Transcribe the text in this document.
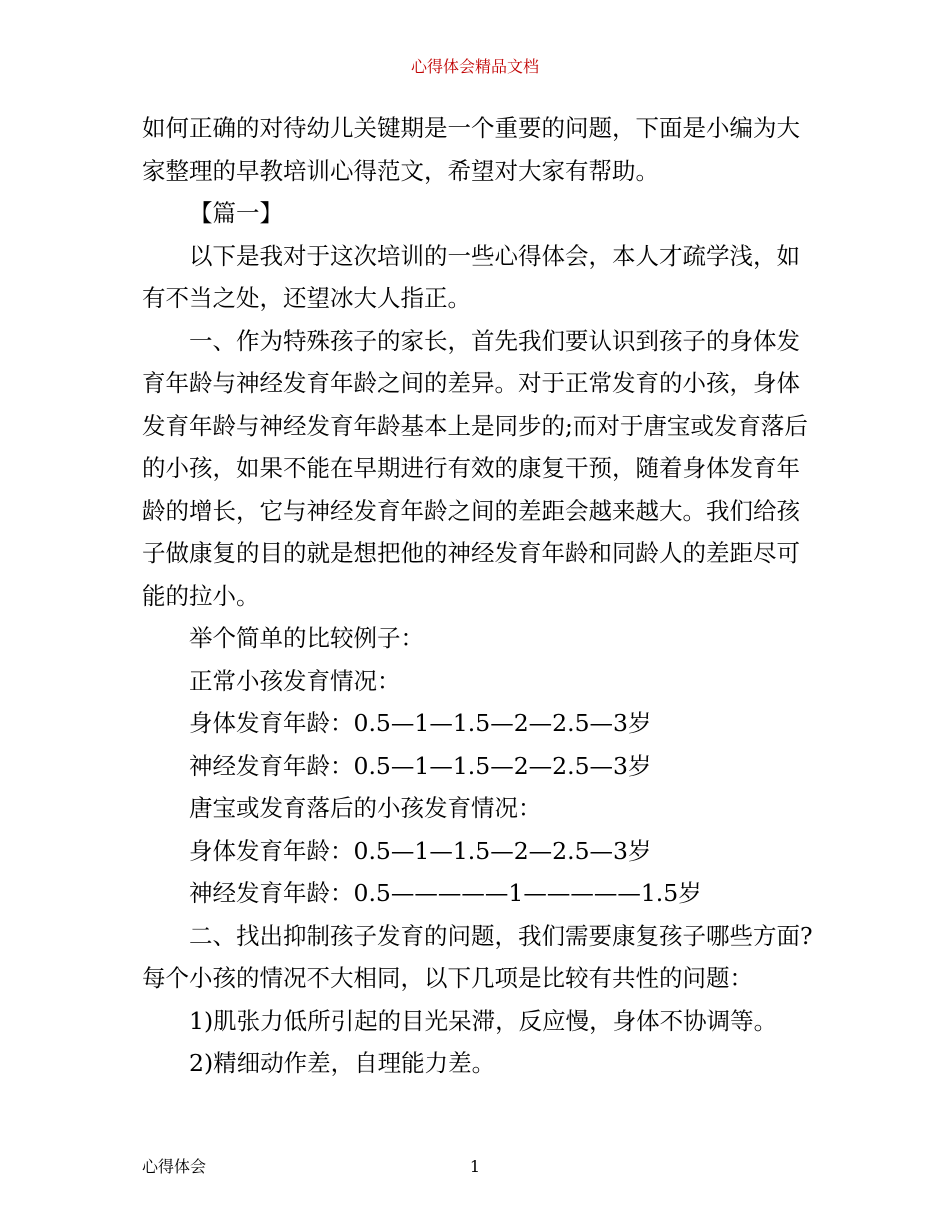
心得体会精品文档

如何正确的对待幼儿关键期是一个重要的问题，下面是小编为大家整理的早教培训心得范文，希望对大家有帮助。

【篇一】

以下是我对于这次培训的一些心得体会，本人才疏学浅，如有不当之处，还望冰大人指正。

一、作为特殊孩子的家长，首先我们要认识到孩子的身体发育年龄与神经发育年龄之间的差异。对于正常发育的小孩，身体发育年龄与神经发育年龄基本上是同步的;而对于唐宝或发育落后的小孩，如果不能在早期进行有效的康复干预，随着身体发育年龄的增长，它与神经发育年龄之间的差距会越来越大。我们给孩子做康复的目的就是想把他的神经发育年龄和同龄人的差距尽可能的拉小。

举个简单的比较例子：

正常小孩发育情况：

身体发育年龄：0.5—1—1.5—2—2.5—3岁

神经发育年龄：0.5—1—1.5—2—2.5—3岁

唐宝或发育落后的小孩发育情况：

身体发育年龄：0.5—1—1.5—2—2.5—3岁

神经发育年龄：0.5—————1—————1.5岁

二、找出抑制孩子发育的问题，我们需要康复孩子哪些方面?每个小孩的情况不大相同，以下几项是比较有共性的问题：

1)肌张力低所引起的目光呆滞，反应慢，身体不协调等。

2)精细动作差，自理能力差。

心得体会	1
